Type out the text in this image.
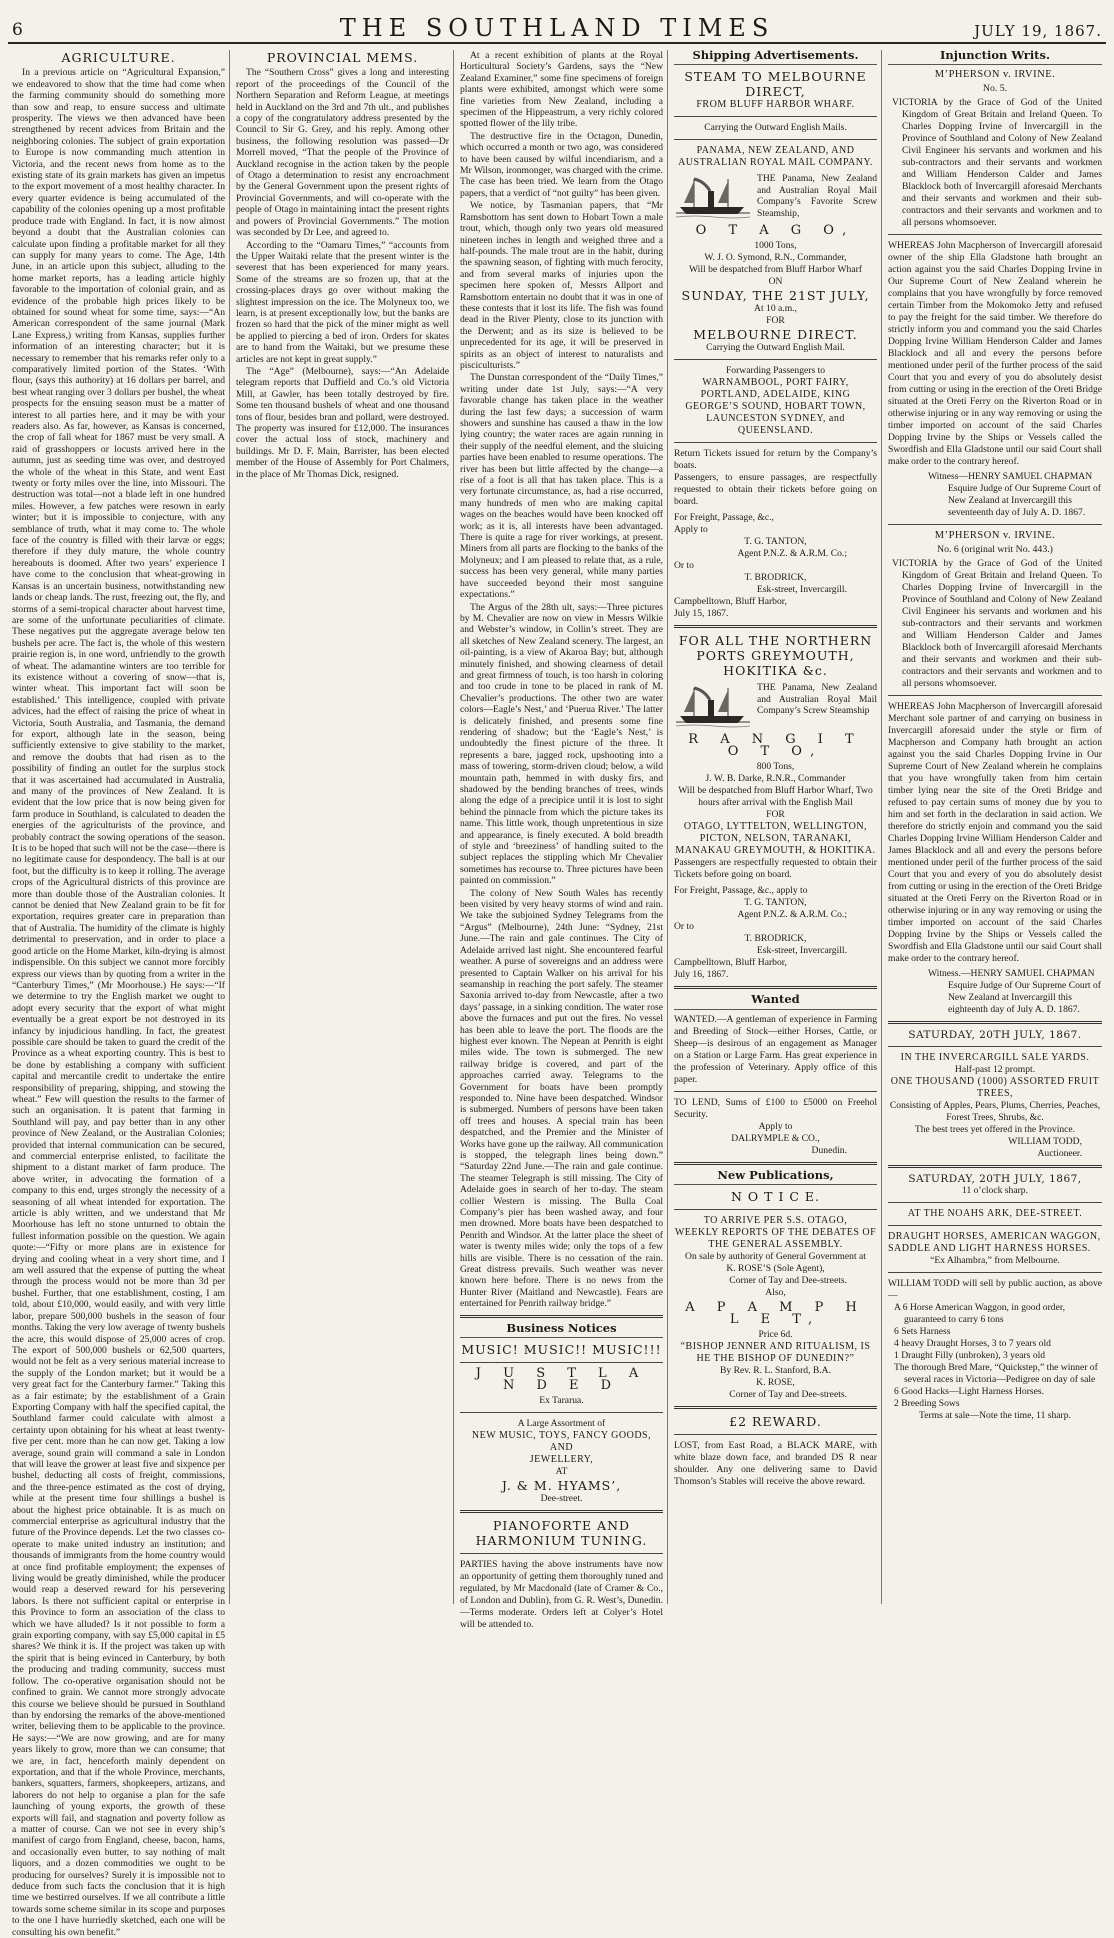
6	THE SOUTHLAND TIMES	JULY 19, 1867.
AGRICULTURE.

In a previous article on “Agricultural Expansion,” we endeavored to show that the time had come when the farming community should do something more than sow and reap, to ensure success and ultimate prosperity. The views we then advanced have been strengthened by recent advices from Britain and the neighboring colonies. The subject of grain exportation to Europe is now commanding much attention in Victoria, and the recent news from home as to the existing state of its grain markets has given an impetus to the export movement of a most healthy character. In every quarter evidence is being accumulated of the capability of the colonies opening up a most profitable produce trade with England. In fact, it is now almost beyond a doubt that the Australian colonies can calculate upon finding a profitable market for all they can supply for many years to come. The Age, 14th June, in an article upon this subject, alluding to the home market reports, has a leading article highly favorable to the importation of colonial grain, and as evidence of the probable high prices likely to be obtained for sound wheat for some time, says:—“An American correspondent of the same journal (Mark Lane Express,) writing from Kansas, supplies further information of an interesting character; but it is necessary to remember that his remarks refer only to a comparatively limited portion of the States. ‘With flour, (says this authority) at 16 dollars per barrel, and best wheat ranging over 3 dollars per bushel, the wheat prospects for the ensuing season must be a matter of interest to all parties here, and it may be with your readers also. As far, however, as Kansas is concerned, the crop of fall wheat for 1867 must be very small. A raid of grasshoppers or locusts arrived here in the autumn, just as seeding time was over, and destroyed the whole of the wheat in this State, and went East twenty or forty miles over the line, into Missouri. The destruction was total—not a blade left in one hundred miles. However, a few patches were resown in early winter; but it is impossible to conjecture, with any semblance of truth, what it may come to. The whole face of the country is filled with their larvæ or eggs; therefore if they duly mature, the whole country hereabouts is doomed. After two years’ experience I have come to the conclusion that wheat-growing in Kansas is an uncertain business, notwithstanding new lands or cheap lands. The rust, freezing out, the fly, and storms of a semi-tropical character about harvest time, are some of the unfortunate peculiarities of climate. These negatives put the aggregate average below ten bushels per acre. The fact is, the whole of this western prairie region is, in one word, unfriendly to the growth of wheat. The adamantine winters are too terrible for its existence without a covering of snow—that is, winter wheat. This important fact will soon be established.’ This intelligence, coupled with private advices, had the effect of raising the price of wheat in Victoria, South Australia, and Tasmania, the demand for export, although late in the season, being sufficiently extensive to give stability to the market, and remove the doubts that had risen as to the possibility of finding an outlet for the surplus stock that it was ascertained had accumulated in Australia, and many of the provinces of New Zealand. It is evident that the low price that is now being given for farm produce in Southland, is calculated to deaden the energies of the agriculturists of the province, and probably contract the sowing operations of the season. It is to be hoped that such will not be the case—there is no legitimate cause for despondency. The ball is at our foot, but the difficulty is to keep it rolling. The average crops of the Agricultural districts of this province are more than double those of the Australian colonies. It cannot be denied that New Zealand grain to be fit for exportation, requires greater care in preparation than that of Australia. The humidity of the climate is highly detrimental to preservation, and in order to place a good article on the Home Market, kiln-drying is almost indispensible. On this subject we cannot more forcibly express our views than by quoting from a writer in the “Canterbury Times,” (Mr Moorhouse.) He says:—“If we determine to try the English market we ought to adopt every security that the export of what might eventually be a great export be not destroyed in its infancy by injudicious handling. In fact, the greatest possible care should be taken to guard the credit of the Province as a wheat exporting country. This is best to be done by establishing a company with sufficient capital and mercantile credit to undertake the entire responsibility of preparing, shipping, and stowing the wheat.” Few will question the results to the farmer of such an organisation. It is patent that farming in Southland will pay, and pay better than in any other province of New Zealand, or the Australian Colonies; provided that internal communication can be secured, and commercial enterprise enlisted, to facilitate the shipment to a distant market of farm produce. The above writer, in advocating the formation of a company to this end, urges strongly the necessity of a seasoning of all wheat intended for exportation. The article is ably written, and we understand that Mr Moorhouse has left no stone unturned to obtain the fullest information possible on the question. We again quote:—“Fifty or more plans are in existence for drying and cooling wheat in a very short time, and I am well assured that the expense of putting the wheat through the process would not be more than 3d per bushel. Further, that one establishment, costing, I am told, about £10,000, would easily, and with very little labor, prepare 500,000 bushels in the season of four months. Taking the very low average of twenty bushels the acre, this would dispose of 25,000 acres of crop. The export of 500,000 bushels or 62,500 quarters, would not be felt as a very serious material increase to the supply of the London market; but it would be a very great fact for the Canterbury farmer.” Taking this as a fair estimate; by the establishment of a Grain Exporting Company with half the specified capital, the Southland farmer could calculate with almost a certainty upon obtaining for his wheat at least twenty-five per cent. more than he can now get. Taking a low average, sound grain will command a sale in London that will leave the grower at least five and sixpence per bushel, deducting all costs of freight, commissions, and the three-pence estimated as the cost of drying, while at the present time four shillings a bushel is about the highest price obtainable. It is as much on commercial enterprise as agricultural industry that the future of the Province depends. Let the two classes co-operate to make united industry an institution; and thousands of immigrants from the home country would at once find profitable employment; the expenses of living would be greatly diminished, while the producer would reap a deserved reward for his persevering labors. Is there not sufficient capital or enterprise in this Province to form an association of the class to which we have alluded? Is it not possible to form a grain exporting company, with say £5,000 capital in £5 shares? We think it is. If the project was taken up with the spirit that is being evinced in Canterbury, by both the producing and trading community, success must follow. The co-operative organisation should not be confined to grain. We cannot more strongly advocate this course we believe should be pursued in Southland than by endorsing the remarks of the above-mentioned writer, believing them to be applicable to the province. He says:—“We are now growing, and are for many years likely to grow, more than we can consume; that we are, in fact, henceforth mainly dependent on exportation, and that if the whole Province, merchants, bankers, squatters, farmers, shopkeepers, artizans, and laborers do not help to organise a plan for the safe launching of young exports, the growth of these exports will fail, and stagnation and poverty follow as a matter of course. Can we not see in every ship’s manifest of cargo from England, cheese, bacon, hams, and occasionally even butter, to say nothing of malt liquors, and a dozen commodities we ought to be producing for ourselves? Surely it is impossible not to deduce from such facts the conclusion that it is high time we bestirred ourselves. If we all contribute a little towards some scheme similar in its scope and purposes to the one I have hurriedly sketched, each one will be consulting his own benefit.”

PROVINCIAL MEMS.

The “Southern Cross” gives a long and interesting report of the proceedings of the Council of the Northern Separation and Reform League, at meetings held in Auckland on the 3rd and 7th ult., and publishes a copy of the congratulatory address presented by the Council to Sir G. Grey, and his reply. Among other business, the following resolution was passed—Dr Morrell moved, “That the people of the Province of Auckland recognise in the action taken by the people of Otago a determination to resist any encroachment by the General Government upon the present rights of Provincial Governments, and will co-operate with the people of Otago in maintaining intact the present rights and powers of Provincial Governments.” The motion was seconded by Dr Lee, and agreed to.

According to the “Oamaru Times,” “accounts from the Upper Waitaki relate that the present winter is the severest that has been experienced for many years. Some of the streams are so frozen up, that at the crossing-places drays go over without making the slightest impression on the ice. The Molyneux too, we learn, is at present exceptionally low, but the banks are frozen so hard that the pick of the miner might as well be applied to piercing a bed of iron. Orders for skates are to hand from the Waitaki, but we presume these articles are not kept in great supply.”

The “Age” (Melbourne), says:—“An Adelaide telegram reports that Duffield and Co.’s old Victoria Mill, at Gawler, has been totally destroyed by fire. Some ten thousand bushels of wheat and one thousand tons of flour, besides bran and pollard, were destroyed. The property was insured for £12,000. The insurances cover the actual loss of stock, machinery and buildings. Mr D. F. Main, Barrister, has been elected member of the House of Assembly for Port Chalmers, in the place of Mr Thomas Dick, resigned.

At a recent exhibition of plants at the Royal Horticultural Society’s Gardens, says the “New Zealand Examiner,” some fine specimens of foreign plants were exhibited, amongst which were some fine varieties from New Zealand, including a specimen of the Hippeastrum, a very richly colored spotted flower of the lily tribe.

The destructive fire in the Octagon, Dunedin, which occurred a month or two ago, was considered to have been caused by wilful incendiarism, and a Mr Wilson, ironmonger, was charged with the crime. The case has been tried. We learn from the Otago papers, that a verdict of “not guilty” has been given.

We notice, by Tasmanian papers, that “Mr Ramsbottom has sent down to Hobart Town a male trout, which, though only two years old measured nineteen inches in length and weighed three and a half-pounds. The male trout are in the habit, during the spawning season, of fighting with much ferocity, and from several marks of injuries upon the specimen here spoken of, Messrs Allport and Ramsbottom entertain no doubt that it was in one of these contests that it lost its life. The fish was found dead in the River Plenty, close to its junction with the Derwent; and as its size is believed to be unprecedented for its age, it will be preserved in spirits as an object of interest to naturalists and pisciculturists.”

The Dunstan correspondent of the “Daily Times,” writing under date 1st July, says:—“A very favorable change has taken place in the weather during the last few days; a succession of warm showers and sunshine has caused a thaw in the low lying country; the water races are again running in their supply of the needful element, and the sluicing parties have been enabled to resume operations. The river has been but little affected by the change—a rise of a foot is all that has taken place. This is a very fortunate circumstance, as, had a rise occurred, many hundreds of men who are making capital wages on the beaches would have been knocked off work; as it is, all interests have been advantaged. There is quite a rage for river workings, at present. Miners from all parts are flocking to the banks of the Molyneux; and I am pleased to relate that, as a rule, success has been very general, while many parties have succeeded beyond their most sanguine expectations.”

The Argus of the 28th ult, says:—Three pictures by M. Chevalier are now on view in Messrs Wilkie and Webster’s window, in Collin’s street. They are all sketches of New Zealand scenery. The largest, an oil-painting, is a view of Akaroa Bay; but, although minutely finished, and showing clearness of detail and great firmness of touch, is too harsh in coloring and too crude in tone to be placed in rank of M. Chevalier’s productions. The other two are water colors—Eagle’s Nest,’ and ‘Puerua River.’ The latter is delicately finished, and presents some fine rendering of shadow; but the ‘Eagle’s Nest,’ is undoubtedly the finest picture of the three. It represents a bare, jagged rock, upshooting into a mass of towering, storm-driven cloud; below, a wild mountain path, hemmed in with dusky firs, and shadowed by the bending branches of trees, winds along the edge of a precipice until it is lost to sight behind the pinnacle from which the picture takes its name. This little work, though unpretentious in size and appearance, is finely executed. A bold breadth of style and ‘breeziness’ of handling suited to the subject replaces the stippling which Mr Chevalier sometimes has recourse to. Three pictures have been painted on commission.”

The colony of New South Wales has recently been visited by very heavy storms of wind and rain. We take the subjoined Sydney Telegrams from the “Argus” (Melbourne), 24th June: “Sydney, 21st June.—The rain and gale continues. The City of Adelaide arrived last night. She encountered fearful weather. A purse of sovereigns and an address were presented to Captain Walker on his arrival for his seamanship in reaching the port safely. The steamer Saxonia arrived to-day from Newcastle, after a two days’ passage, in a sinking condition. The water rose above the furnaces and put out the fires. No vessel has been able to leave the port. The floods are the highest ever known. The Nepean at Penrith is eight miles wide. The town is submerged. The new railway bridge is covered, and part of the approaches carried away. Telegrams to the Government for boats have been promptly responded to. Nine have been despatched. Windsor is submerged. Numbers of persons have been taken off trees and houses. A special train has been despatched, and the Premier and the Minister of Works have gone up the railway. All communication is stopped, the telegraph lines being down.” “Saturday 22nd June.—The rain and gale continue. The steamer Telegraph is still missing. The City of Adelaide goes in search of her to-day. The steam collier Western is missing. The Bulla Coal Company’s pier has been washed away, and four men drowned. More boats have been despatched to Penrith and Windsor. At the latter place the sheet of water is twenty miles wide; only the tops of a few hills are visible. There is no cessation of the rain. Great distress prevails. Such weather was never known here before. There is no news from the Hunter River (Maitland and Newcastle). Fears are entertained for Penrith railway bridge.”

Business Notices
MUSIC! MUSIC!! MUSIC!!!
J U S T L A N D E D
Ex Tararua.
A Large Assortment of
NEW MUSIC, TOYS, FANCY GOODS, AND
JEWELLERY,
AT
J. & M. HYAMS’,
Dee-street.
PIANOFORTE AND HARMONIUM TUNING.
PARTIES having the above instruments have now an opportunity of getting them thoroughly tuned and regulated, by Mr Macdonald (late of Cramer & Co., of London and Dublin), from G. R. West’s, Dunedin.—Terms moderate. Orders left at Colyer’s Hotel will be attended to.
Shipping Advertisements.
STEAM TO MELBOURNE DIRECT,
FROM BLUFF HARBOR WHARF.
Carrying the Outward English Mails.
PANAMA, NEW ZEALAND, AND AUSTRALIAN ROYAL MAIL COMPANY.
THE Panama, New Zealand and Australian Royal Mail Company’s Favorite Screw Steamship,
O T A G O,
1000 Tons,
W. J. O. Symond, R.N., Commander,
Will be despatched from Bluff Harbor Wharf
ON
SUNDAY, THE 21ST JULY,
At 10 a.m.,
FOR
MELBOURNE DIRECT.
Carrying the Outward English Mail.
Forwarding Passengers to
WARNAMBOOL, PORT FAIRY, PORTLAND, ADELAIDE, KING GEORGE’S SOUND, HOBART TOWN, LAUNCESTON SYDNEY, and QUEENSLAND.
Return Tickets issued for return by the Company’s boats.
Passengers, to ensure passages, are respectfully requested to obtain their tickets before going on board.
For Freight, Passage, &c.,
Apply to
T. G. TANTON,
Agent P.N.Z. & A.R.M. Co.;
Or to
T. BRODRICK,
Esk-street, Invercargill.
Campbelltown, Bluff Harbor,
July 15, 1867.
FOR ALL THE NORTHERN PORTS GREYMOUTH, HOKITIKA &c.
THE Panama, New Zealand and Australian Royal Mail Company’s Screw Steamship
R A N G I T O T O,
800 Tons,
J. W. B. Darke, R.N.R., Commander
Will be despatched from Bluff Harbor Wharf, Two hours after arrival with the English Mail
FOR
OTAGO, LYTTELTON, WELLINGTON, PICTON, NELSON, TARANAKI, MANAKAU GREYMOUTH, & HOKITIKA.
Passengers are respectfully requested to obtain their Tickets before going on board.
For Freight, Passage, &c., apply to
T. G. TANTON,
Agent P.N.Z. & A.R.M. Co.;
Or to
T. BRODRICK,
Esk-street, Invercargill.
Campbelltown, Bluff Harbor,
July 16, 1867.
Wanted
WANTED.—A gentleman of experience in Farming and Breeding of Stock—either Horses, Cattle, or Sheep—is desirous of an engagement as Manager on a Station or Large Farm. Has great experience in the profession of Veterinary. Apply office of this paper.
TO LEND, Sums of £100 to £5000 on Freehol Security.
Apply to
DALRYMPLE & CO.,
Dunedin.
New Publications,
N O T I C E.
TO ARRIVE PER S.S. OTAGO,
WEEKLY REPORTS OF THE DEBATES OF THE GENERAL ASSEMBLY.
On sale by authority of General Government at
K. ROSE’S (Sole Agent),
Corner of Tay and Dee-streets.
Also,
A P A M P H L E T,
Price 6d.
“BISHOP JENNER AND RITUALISM, IS HE THE BISHOP OF DUNEDIN?”
By Rev. R. L. Stanford, B.A.
K. ROSE,
Corner of Tay and Dee-streets.
£2 REWARD.
LOST, from East Road, a BLACK MARE, with white blaze down face, and branded DS R near shoulder. Any one delivering same to David Thomson’s Stables will receive the above reward.
Injunction Writs.
M’PHERSON v. IRVINE.
No. 5.
VICTORIA by the Grace of God of the United Kingdom of Great Britain and Ireland Queen. To Charles Dopping Irvine of Invercargill in the Province of Southland and Colony of New Zealand Civil Engineer his servants and workmen and his sub-contractors and their servants and workmen and William Henderson Calder and James Blacklock both of Invercargill aforesaid Merchants and their servants and workmen and their sub-contractors and their servants and workmen and to all persons whomsoever.
WHEREAS John Macpherson of Invercargill aforesaid owner of the ship Ella Gladstone hath brought an action against you the said Charles Dopping Irvine in Our Supreme Court of New Zealand wherein he complains that you have wrongfully by force removed certain Timber from the Mokomoko Jetty and refused to pay the freight for the said timber. We therefore do strictly inform you and command you the said Charles Dopping Irvine William Henderson Calder and James Blacklock and all and every the persons before mentioned under peril of the further process of the said Court that you and every of you do absolutely desist from cutting or using in the erection of the Oreti Bridge situated at the Oreti Ferry on the Riverton Road or in otherwise injuring or in any way removing or using the timber imported on account of the said Charles Dopping Irvine by the Ships or Vessels called the Swordfish and Ella Gladstone until our said Court shall make order to the contrary hereof.
Witness—HENRY SAMUEL CHAPMAN Esquire Judge of Our Supreme Court of New Zealand at Invercargill this seventeenth day of July A. D. 1867.
M’PHERSON v. IRVINE.
No. 6 (original writ No. 443.)
VICTORIA by the Grace of God of the United Kingdom of Great Britain and Ireland Queen. To Charles Dopping Irvine of Invercargill in the Province of Southland and Colony of New Zealand Civil Engineer his servants and workmen and his sub-contractors and their servants and workmen and William Henderson Calder and James Blacklock both of Invercargill aforesaid Merchants and their servants and workmen and their sub-contractors and their servants and workmen and to all persons whomsoever.
WHEREAS John Macpherson of Invercargill aforesaid Merchant sole partner of and carrying on business in Invercargill aforesaid under the style or firm of Macpherson and Company hath brought an action against you the said Charles Dopping Irvine in Our Supreme Court of New Zealand wherein he complains that you have wrongfully taken from him certain timber lying near the site of the Oreti Bridge and refused to pay certain sums of money due by you to him and set forth in the declaration in said action. We therefore do strictly enjoin and command you the said Charles Dopping Irvine William Henderson Calder and James Blacklock and all and every the persons before mentioned under peril of the further process of the said Court that you and every of you do absolutely desist from cutting or using in the erection of the Oreti Bridge situated at the Oreti Ferry on the Riverton Road or in otherwise injuring or in any way removing or using the timber imported on account of the said Charles Dopping Irvine by the Ships or Vessels called the Swordfish and Ella Gladstone until our said Court shall make order to the contrary hereof.
Witness.—HENRY SAMUEL CHAPMAN Esquire Judge of Our Supreme Court of New Zealand at Invercargill this eighteenth day of July A. D. 1867.
SATURDAY, 20TH JULY, 1867.
IN THE INVERCARGILL SALE YARDS.
Half-past 12 prompt.
ONE THOUSAND (1000) ASSORTED FRUIT TREES,
Consisting of Apples, Pears, Plums, Cherries, Peaches, Forest Trees, Shrubs, &c.
The best trees yet offered in the Province.
WILLIAM TODD,
Auctioneer.
SATURDAY, 20TH JULY, 1867,
11 o’clock sharp.
AT THE NOAHS ARK, DEE-STREET.
DRAUGHT HORSES, AMERICAN WAGGON, SADDLE AND LIGHT HARNESS HORSES.
“Ex Alhambra,” from Melbourne.
WILLIAM TODD will sell by public auction, as above—
A 6 Horse American Waggon, in good order, guaranteed to carry 6 tons
6 Sets Harness
4 heavy Draught Horses, 3 to 7 years old
1 Draught Filly (unbroken), 3 years old
The thorough Bred Mare, “Quickstep,” the winner of several races in Victoria—Pedigree on day of sale
6 Good Hacks—Light Harness Horses.
2 Breeding Sows
Terms at sale—Note the time, 11 sharp.
